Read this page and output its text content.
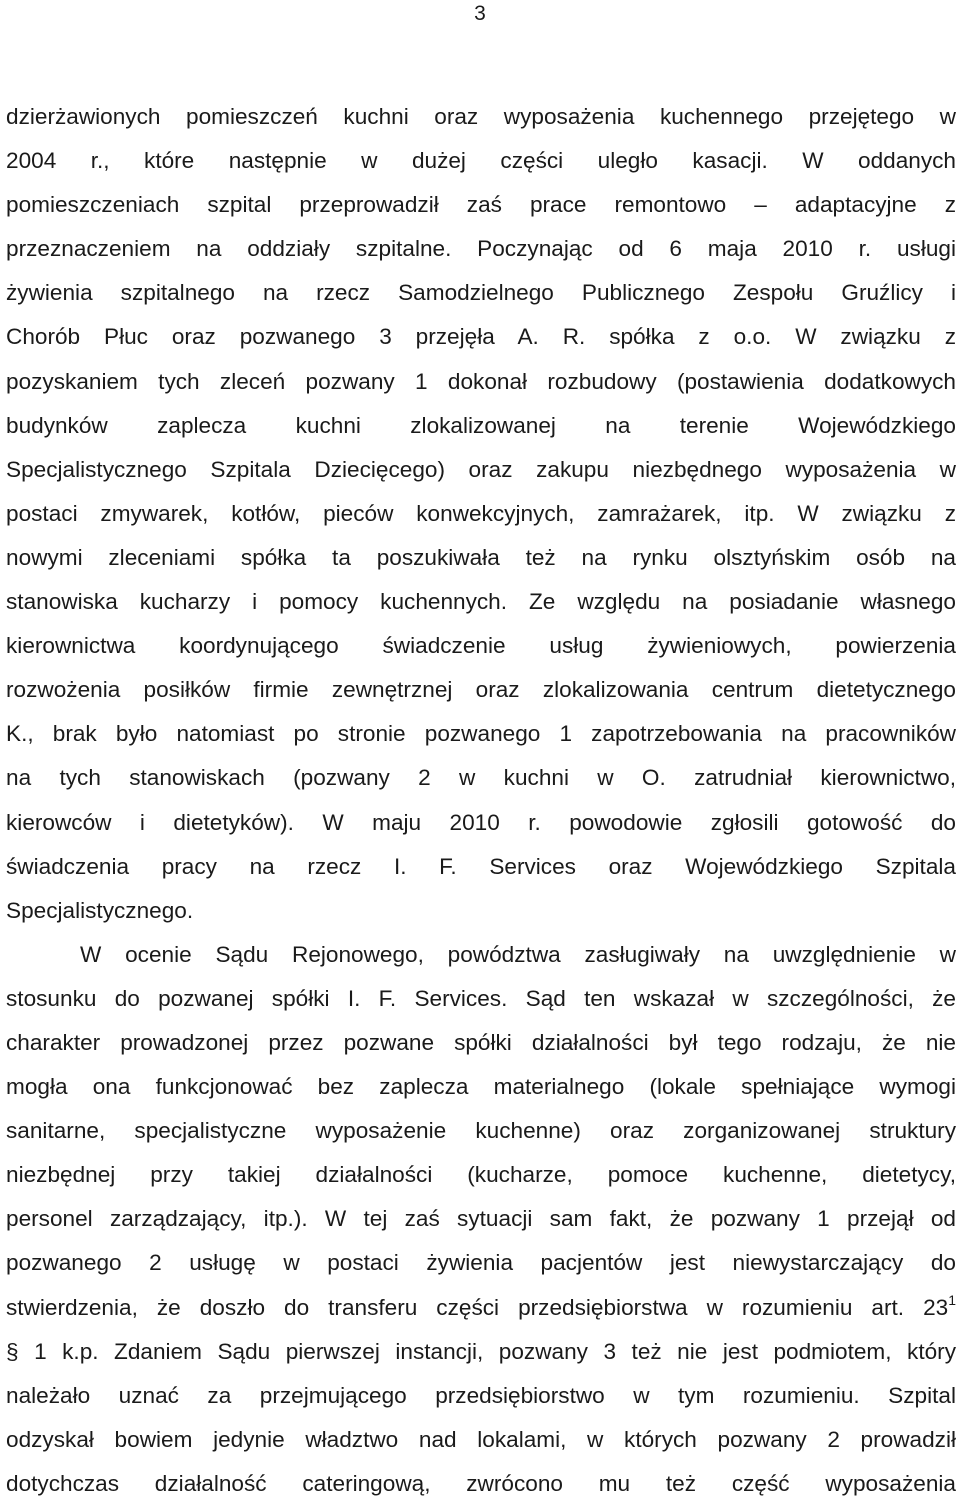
3
dzierżawionych pomieszczeń kuchni oraz wyposażenia kuchennego przejętego w
2004 r., które następnie w dużej części uległo kasacji. W oddanych
pomieszczeniach szpital przeprowadził zaś prace remontowo – adaptacyjne z
przeznaczeniem na oddziały szpitalne. Poczynając od 6 maja 2010 r. usługi
żywienia szpitalnego na rzecz Samodzielnego Publicznego Zespołu Gruźlicy i
Chorób Płuc oraz pozwanego 3 przejęła A. R. spółka z o.o. W związku z
pozyskaniem tych zleceń pozwany 1 dokonał rozbudowy (postawienia dodatkowych
budynków zaplecza kuchni zlokalizowanej na terenie Wojewódzkiego
Specjalistycznego Szpitala Dziecięcego) oraz zakupu niezbędnego wyposażenia w
postaci zmywarek, kotłów, pieców konwekcyjnych, zamrażarek, itp. W związku z
nowymi zleceniami spółka ta poszukiwała też na rynku olsztyńskim osób na
stanowiska kucharzy i pomocy kuchennych. Ze względu na posiadanie własnego
kierownictwa koordynującego świadczenie usług żywieniowych, powierzenia
rozwożenia posiłków firmie zewnętrznej oraz zlokalizowania centrum dietetycznego
K., brak było natomiast po stronie pozwanego 1 zapotrzebowania na pracowników
na tych stanowiskach (pozwany 2 w kuchni w O. zatrudniał kierownictwo,
kierowców i dietetyków). W maju 2010 r. powodowie zgłosili gotowość do
świadczenia pracy na rzecz I. F. Services oraz Wojewódzkiego Szpitala
Specjalistycznego.
W ocenie Sądu Rejonowego, powództwa zasługiwały na uwzględnienie w
stosunku do pozwanej spółki I. F. Services. Sąd ten wskazał w szczególności, że
charakter prowadzonej przez pozwane spółki działalności był tego rodzaju, że nie
mogła ona funkcjonować bez zaplecza materialnego (lokale spełniające wymogi
sanitarne, specjalistyczne wyposażenie kuchenne) oraz zorganizowanej struktury
niezbędnej przy takiej działalności (kucharze, pomoce kuchenne, dietetycy,
personel zarządzający, itp.). W tej zaś sytuacji sam fakt, że pozwany 1 przejął od
pozwanego 2 usługę w postaci żywienia pacjentów jest niewystarczający do
stwierdzenia, że doszło do transferu części przedsiębiorstwa w rozumieniu art. $23^1$
§ 1 k.p. Zdaniem Sądu pierwszej instancji, pozwany 3 też nie jest podmiotem, który
należało uznać za przejmującego przedsiębiorstwo w tym rozumieniu. Szpital
odzyskał bowiem jedynie władztwo nad lokalami, w których pozwany 2 prowadził
dotychczas działalność cateringową, zwrócono mu też część wyposażenia
